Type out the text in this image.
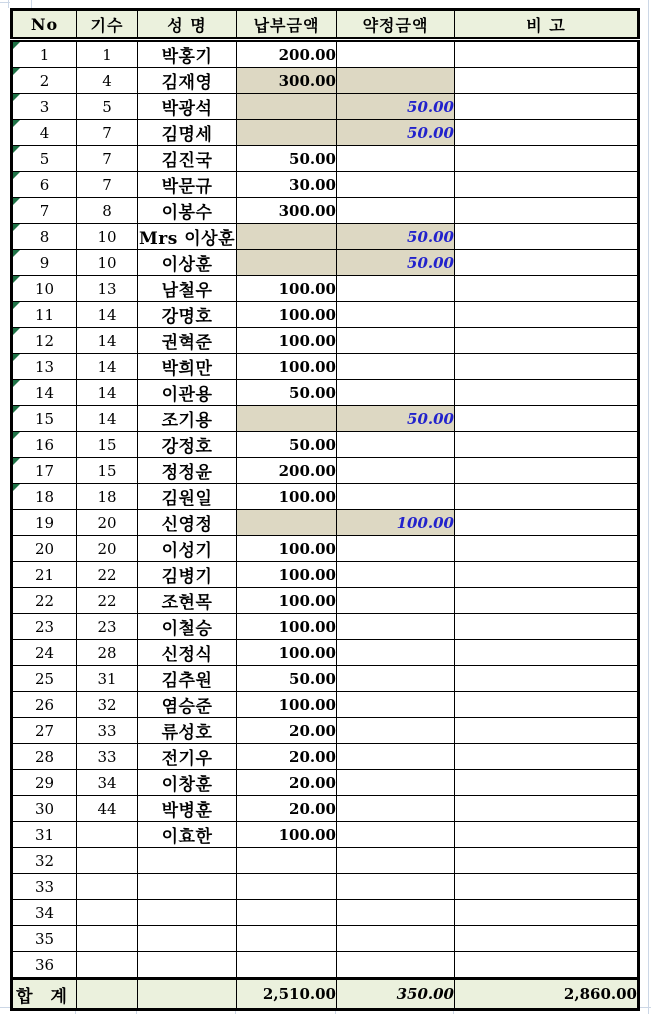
No	기수	성 명	납부금액	약정금액	비 고

1	1	박홍기	200.00		

2	4	김재영	300.00		

3	5	박광석		50.00	

4	7	김명세		50.00	

5	7	김진국	50.00		

6	7	박문규	30.00		

7	8	이봉수	300.00		

8	10	Mrs 이상훈		50.00	

9	10	이상훈		50.00	

10	13	남철우	100.00		

11	14	강명호	100.00		

12	14	권혁준	100.00		

13	14	박희만	100.00		

14	14	이관용	50.00		

15	14	조기용		50.00	

16	15	강정호	50.00		

17	15	정정윤	200.00		

18	18	김원일	100.00		
19	20	신영정		100.00	
20	20	이성기	100.00		
21	22	김병기	100.00		
22	22	조현목	100.00		
23	23	이철승	100.00		
24	28	신정식	100.00		
25	31	김추원	50.00		
26	32	염승준	100.00		
27	33	류성호	20.00		
28	33	전기우	20.00		
29	34	이창훈	20.00		
30	44	박병훈	20.00		
31		이효한	100.00		
32					
33					
34					
35					
36					
합 계			2,510.00	350.00	2,860.00
